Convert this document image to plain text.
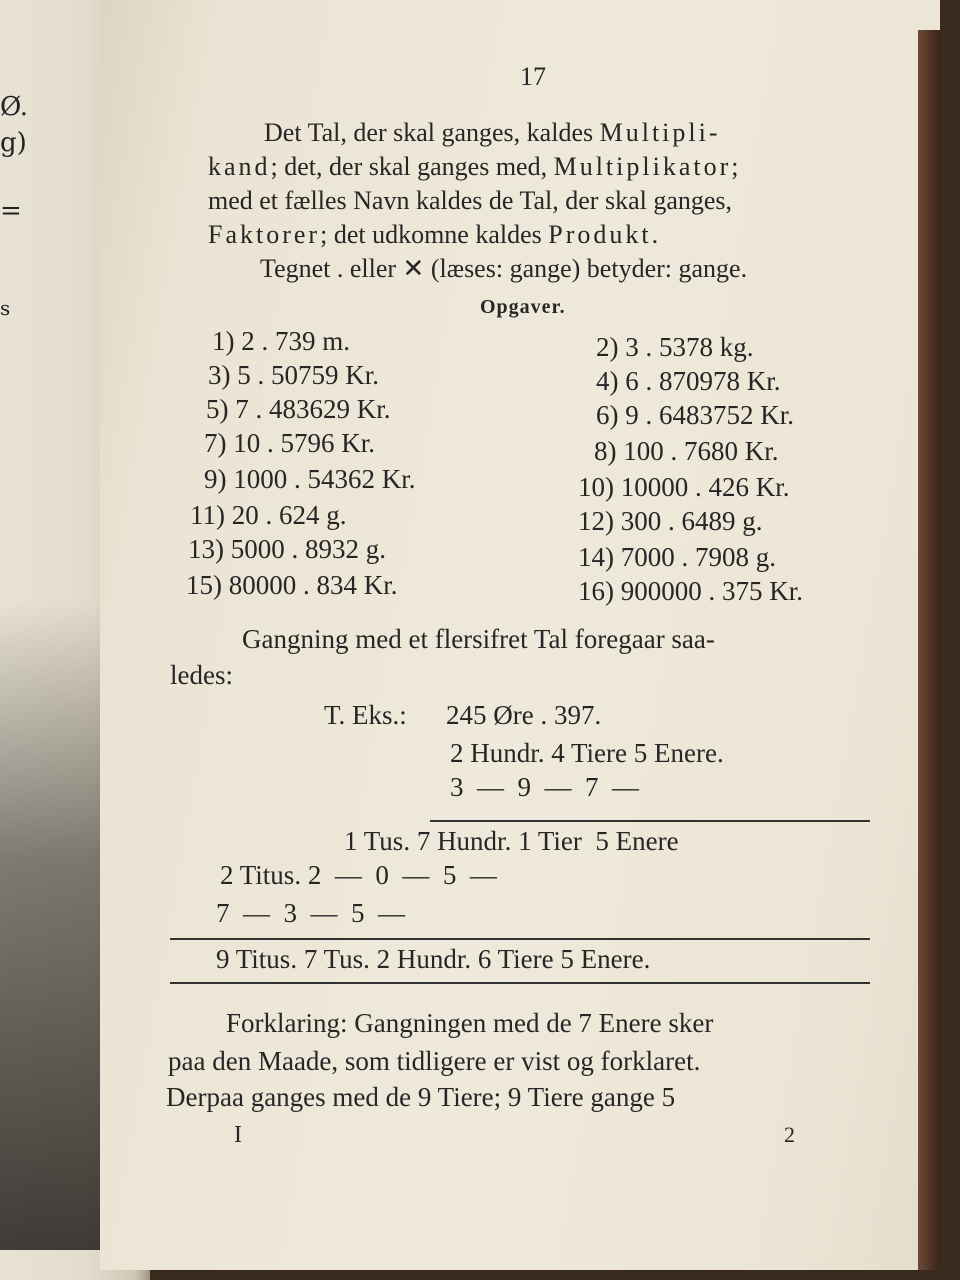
Ø.
g)
=
s
17
Det Tal, der skal ganges, kaldes Multipli-
kand; det, der skal ganges med, Multiplikator;
med et fælles Navn kaldes de Tal, der skal ganges,
Faktorer; det udkomne kaldes Produkt.
Tegnet . eller ✕ (læses: gange) betyder: gange.
Opgaver.
1) 2 . 739 m.
3) 5 . 50759 Kr.
5) 7 . 483629 Kr.
7) 10 . 5796 Kr.
9) 1000 . 54362 Kr.
11) 20 . 624 g.
13) 5000 . 8932 g.
15) 80000 . 834 Kr.
2) 3 . 5378 kg.
4) 6 . 870978 Kr.
6) 9 . 6483752 Kr.
8) 100 . 7680 Kr.
10) 10000 . 426 Kr.
12) 300 . 6489 g.
14) 7000 . 7908 g.
16) 900000 . 375 Kr.
Gangning med et flersifret Tal foregaar saa-
ledes:
T. Eks.: 245 Øre . 397.
2 Hundr. 4 Tiere 5 Enere.
3  —  9  —  7  —
1 Tus. 7 Hundr. 1 Tier  5 Enere
2 Titus. 2  —  0  —  5  —
7  —  3  —  5  —
9 Titus. 7 Tus. 2 Hundr. 6 Tiere 5 Enere.
Forklaring: Gangningen med de 7 Enere sker
paa den Maade, som tidligere er vist og forklaret.
Derpaa ganges med de 9 Tiere; 9 Tiere gange 5
I	2
